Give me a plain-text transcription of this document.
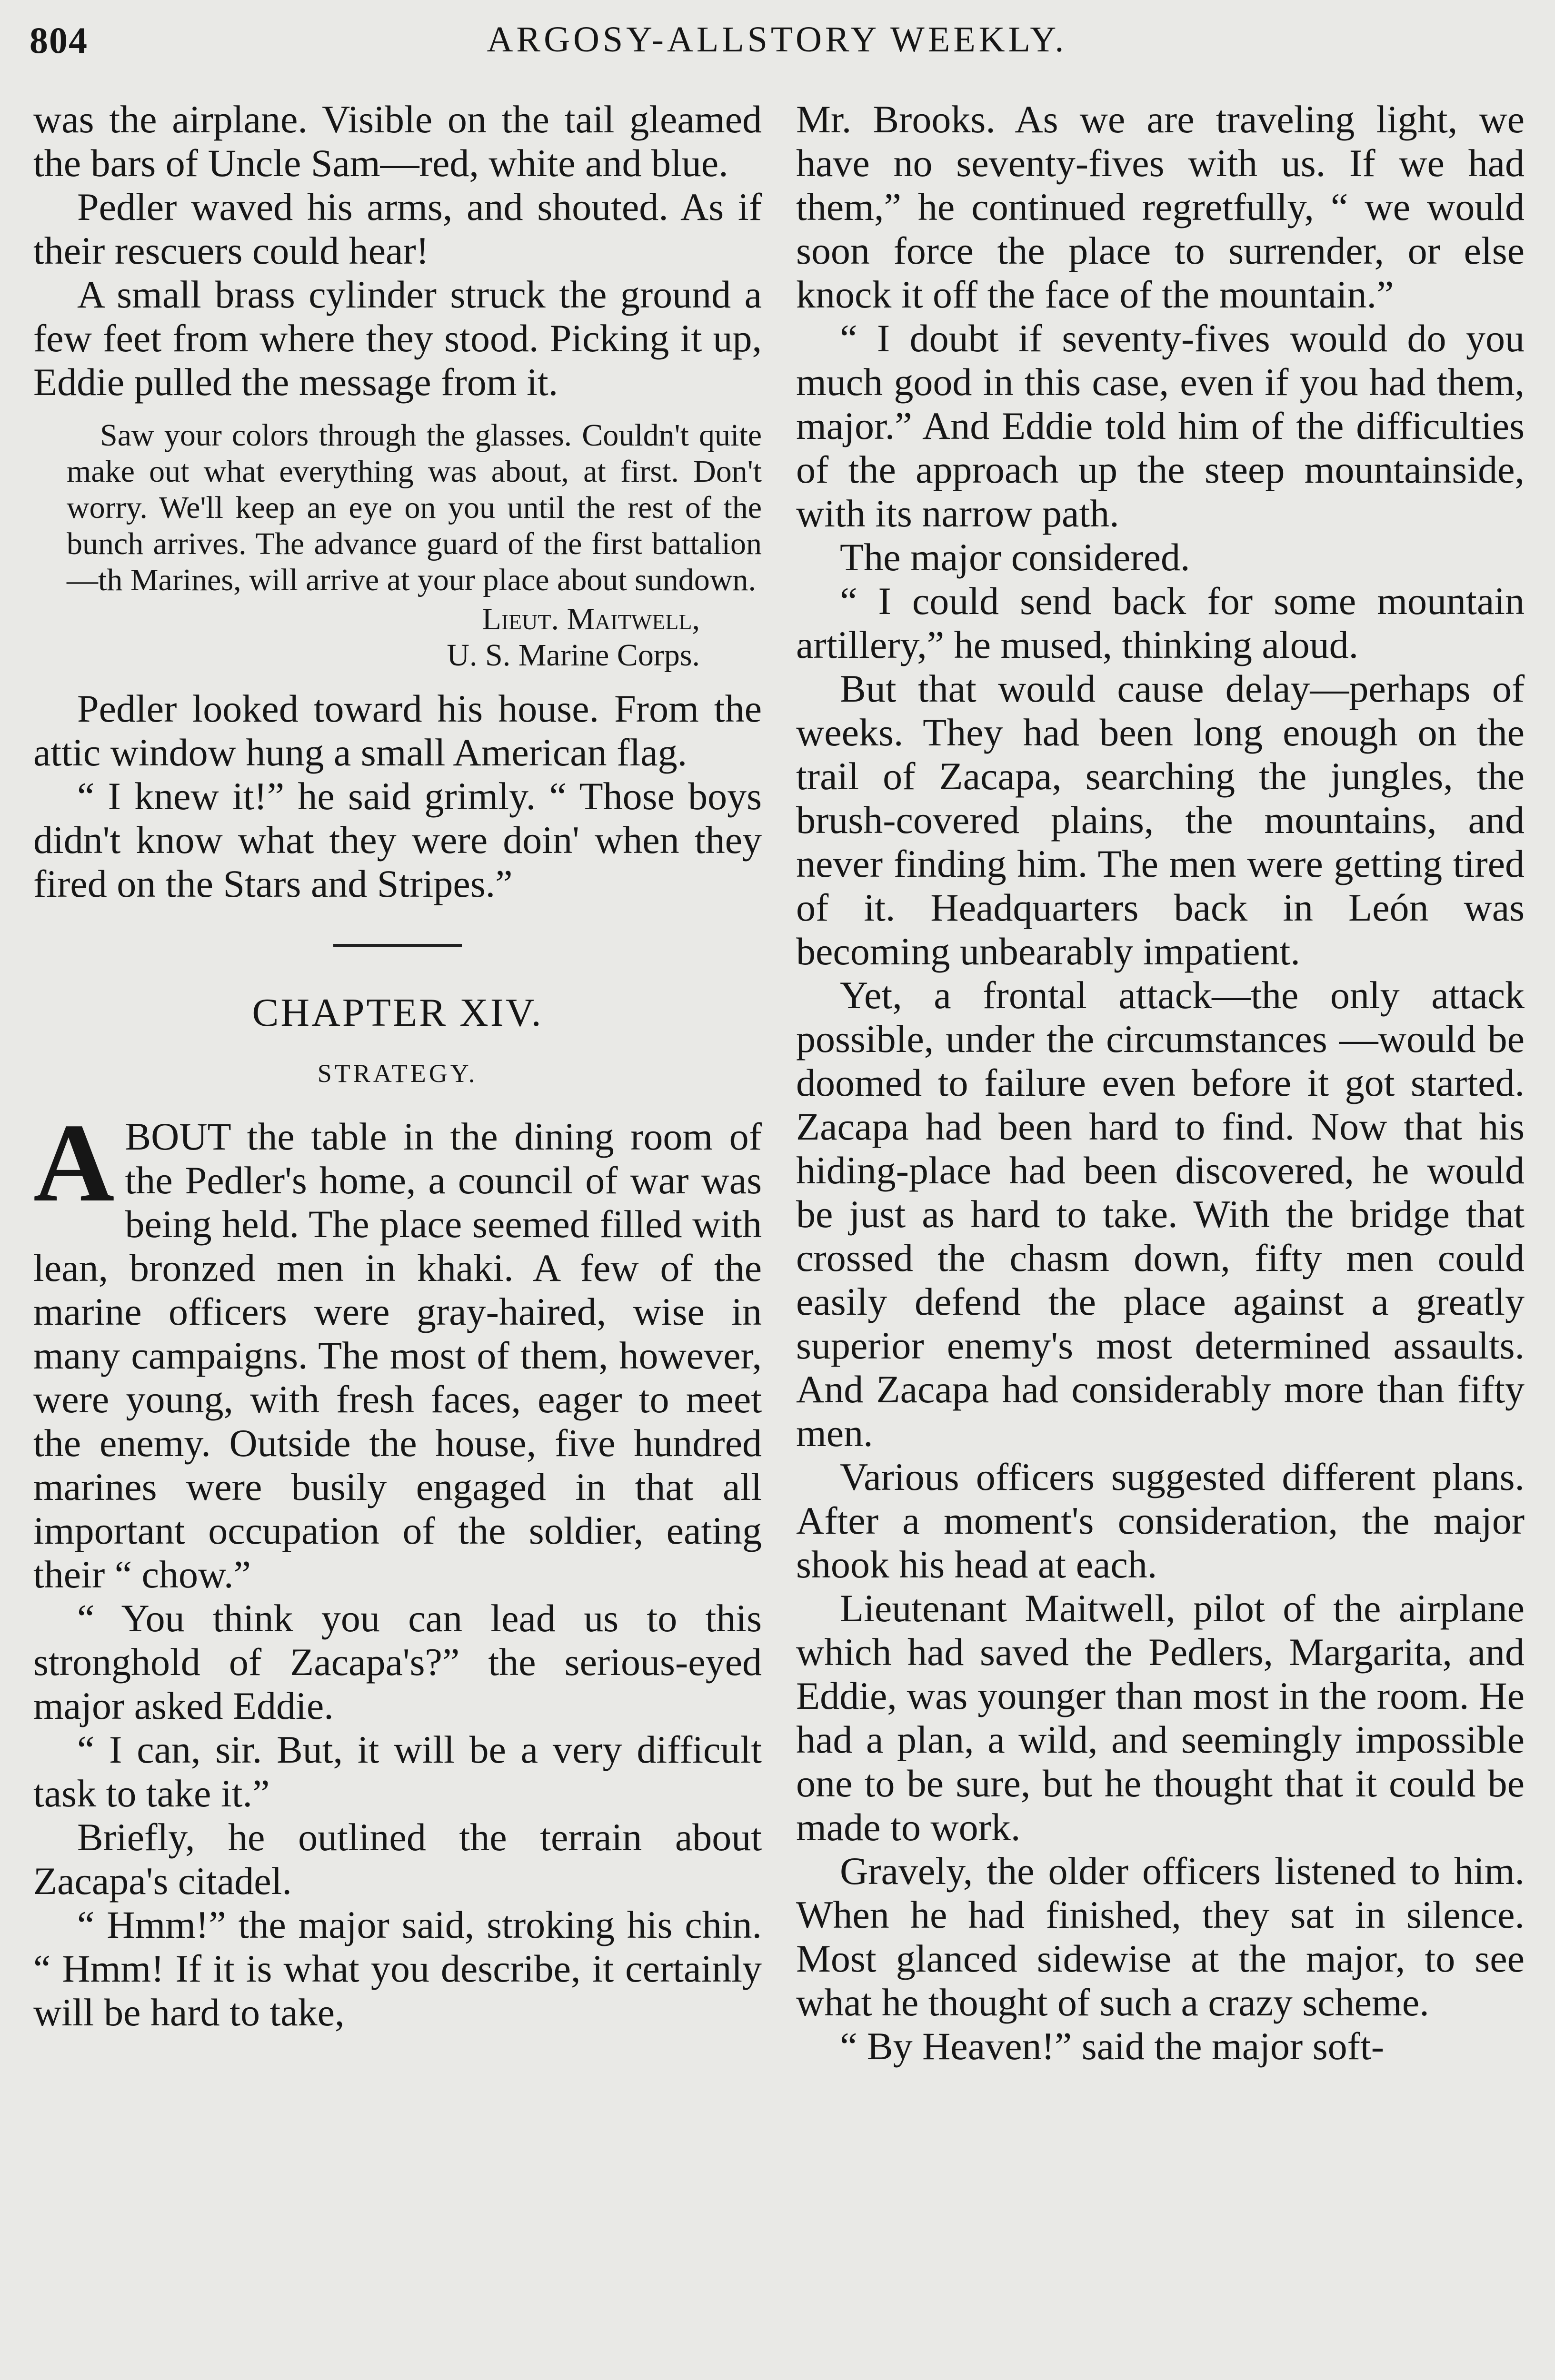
804	ARGOSY-ALLSTORY WEEKLY.

was the airplane. Visible on the tail gleamed the bars of Uncle Sam—red, white and blue.

Pedler waved his arms, and shouted. As if their rescuers could hear!

A small brass cylinder struck the ground a few feet from where they stood. Picking it up, Eddie pulled the message from it.

Saw your colors through the glasses. Couldn't quite make out what everything was about, at first. Don't worry. We'll keep an eye on you until the rest of the bunch arrives. The advance guard of the first battalion —th Marines, will arrive at your place about sundown.

Lieut. Maitwell,
U. S. Marine Corps.

Pedler looked toward his house. From the attic window hung a small American flag.

“ I knew it!” he said grimly. “ Those boys didn't know what they were doin' when they fired on the Stars and Stripes.”

CHAPTER XIV.
STRATEGY.

ABOUT the table in the dining room of the Pedler's home, a council of war was being held. The place seemed filled with lean, bronzed men in khaki. A few of the marine officers were gray-haired, wise in many campaigns. The most of them, however, were young, with fresh faces, eager to meet the enemy. Outside the house, five hundred marines were busily engaged in that all important occupation of the soldier, eating their “ chow.”

“ You think you can lead us to this stronghold of Zacapa's?” the serious-eyed major asked Eddie.

“ I can, sir. But, it will be a very difficult task to take it.”

Briefly, he outlined the terrain about Zacapa's citadel.

“ Hmm!” the major said, stroking his chin. “ Hmm! If it is what you describe, it certainly will be hard to take,

Mr. Brooks. As we are traveling light, we have no seventy-fives with us. If we had them,” he continued regretfully, “ we would soon force the place to surrender, or else knock it off the face of the mountain.”

“ I doubt if seventy-fives would do you much good in this case, even if you had them, major.” And Eddie told him of the difficulties of the approach up the steep mountainside, with its narrow path.

The major considered.

“ I could send back for some mountain artillery,” he mused, thinking aloud.

But that would cause delay—perhaps of weeks. They had been long enough on the trail of Zacapa, searching the jungles, the brush-covered plains, the mountains, and never finding him. The men were getting tired of it. Headquarters back in León was becoming unbearably impatient.

Yet, a frontal attack—the only attack possible, under the circumstances —would be doomed to failure even before it got started. Zacapa had been hard to find. Now that his hiding-place had been discovered, he would be just as hard to take. With the bridge that crossed the chasm down, fifty men could easily defend the place against a greatly superior enemy's most determined assaults. And Zacapa had considerably more than fifty men.

Various officers suggested different plans. After a moment's consideration, the major shook his head at each.

Lieutenant Maitwell, pilot of the airplane which had saved the Pedlers, Margarita, and Eddie, was younger than most in the room. He had a plan, a wild, and seemingly impossible one to be sure, but he thought that it could be made to work.

Gravely, the older officers listened to him. When he had finished, they sat in silence. Most glanced sidewise at the major, to see what he thought of such a crazy scheme.

“ By Heaven!” said the major soft-
